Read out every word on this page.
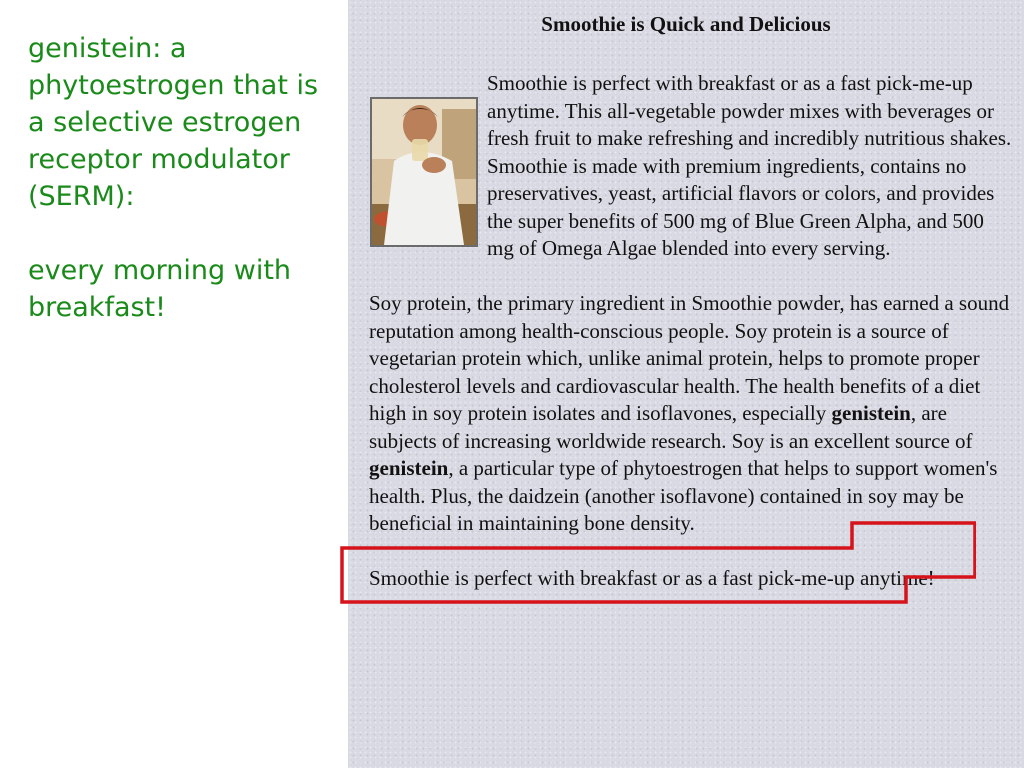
genistein: a phytoestrogen that is a selective estrogen receptor modulator (SERM):

every morning with breakfast!

Smoothie is Quick and Delicious

Smoothie is perfect with breakfast or as a fast pick-me-up anytime. This all-vegetable powder mixes with beverages or fresh fruit to make refreshing and incredibly nutritious shakes. Smoothie is made with premium ingredients, contains no preservatives, yeast, artificial flavors or colors, and provides the super benefits of 500 mg of Blue Green Alpha, and 500 mg of Omega Algae blended into every serving.

Soy protein, the primary ingredient in Smoothie powder, has earned a sound reputation among health-conscious people. Soy protein is a source of vegetarian protein which, unlike animal protein, helps to promote proper cholesterol levels and cardiovascular health. The health benefits of a diet high in soy protein isolates and isoflavones, especially genistein, are subjects of increasing worldwide research. Soy is an excellent source of genistein, a particular type of phytoestrogen that helps to support women's health. Plus, the daidzein (another isoflavone) contained in soy may be beneficial in maintaining bone density.

Smoothie is perfect with breakfast or as a fast pick-me-up anytime!
